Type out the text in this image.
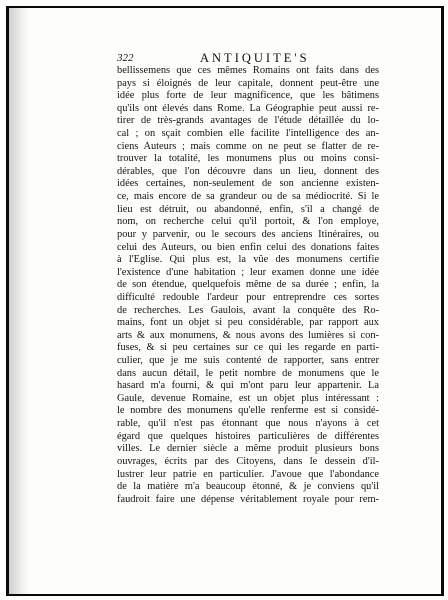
322	ANTIQUITE'S
bellissemens que ces mêmes Romains ont faits dans des
pays si éloignés de leur capitale, donnent peut-être une
idée plus forte de leur magnificence, que les bâtimens
qu'ils ont élevés dans Rome. La Géographie peut aussi re-
tirer de très-grands avantages de l'étude détaillée du lo-
cal ; on sçait combien elle facilite l'intelligence des an-
ciens Auteurs ; mais comme on ne peut se flatter de re-
trouver la totalité, les monumens plus ou moins consi-
dérables, que l'on découvre dans un lieu, donnent des
idées certaines, non-seulement de son ancienne existen-
ce, mais encore de sa grandeur ou de sa médiocrité. Si le
lieu est détruit, ou abandonné, enfin, s'il a changé de
nom, on recherche celui qu'il portoit, & l'on employe,
pour y parvenir, ou le secours des anciens Itinéraires, ou
celui des Auteurs, ou bien enfin celui des donations faites
à l'Eglise. Qui plus est, la vûe des monumens certifie
l'existence d'une habitation ; leur examen donne une idée
de son étendue, quelquefois même de sa durée ; enfin, la
difficulté redouble l'ardeur pour entreprendre ces sortes
de recherches. Les Gaulois, avant la conquête des Ro-
mains, font un objet si peu considérable, par rapport aux
arts & aux monumens, & nous avons des lumières si con-
fuses, & si peu certaines sur ce qui les regarde en parti-
culier, que je me suis contenté de rapporter, sans entrer
dans aucun détail, le petit nombre de monumens que le
hasard m'a fourni, & qui m'ont paru leur appartenir. La
Gaule, devenue Romaine, est un objet plus intéressant :
le nombre des monumens qu'elle renferme est si considé-
rable, qu'il n'est pas étonnant que nous n'ayons à cet
égard que quelques histoires particulières de différentes
villes. Le dernier siècle a même produit plusieurs bons
ouvrages, écrits par des Citoyens, dans le dessein d'il-
lustrer leur patrie en particulier. J'avoue que l'abondance
de la matière m'a beaucoup étonné, & je conviens qu'il
faudroit faire une dépense véritablement royale pour rem-
